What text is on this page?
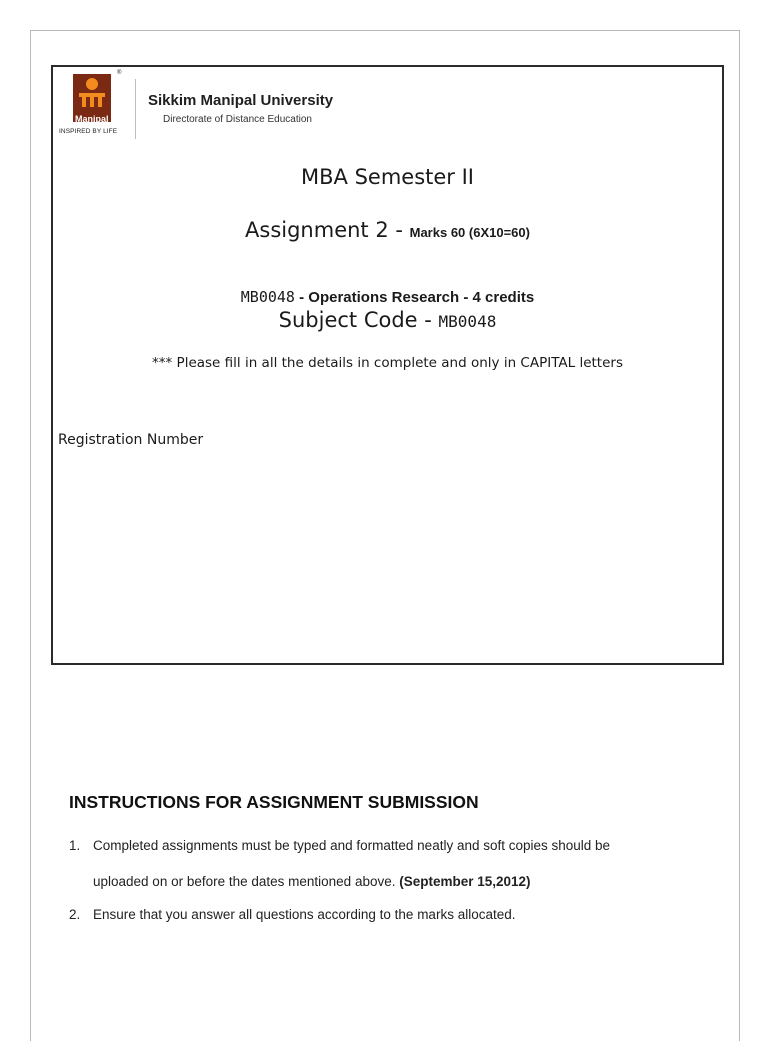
®
Manipal
INSPIRED BY LIFE
Sikkim Manipal University
Directorate of Distance Education
MBA Semester II
Assignment 2 - Marks 60 (6X10=60)
MB0048 - Operations Research - 4 credits
Subject Code - MB0048
*** Please fill in all the details in complete and only in CAPITAL letters
Registration Number
INSTRUCTIONS FOR ASSIGNMENT SUBMISSION
1. Completed assignments must be typed and formatted neatly and soft copies should be
uploaded on or before the dates mentioned above. (September 15,2012)
2. Ensure that you answer all questions according to the marks allocated.
